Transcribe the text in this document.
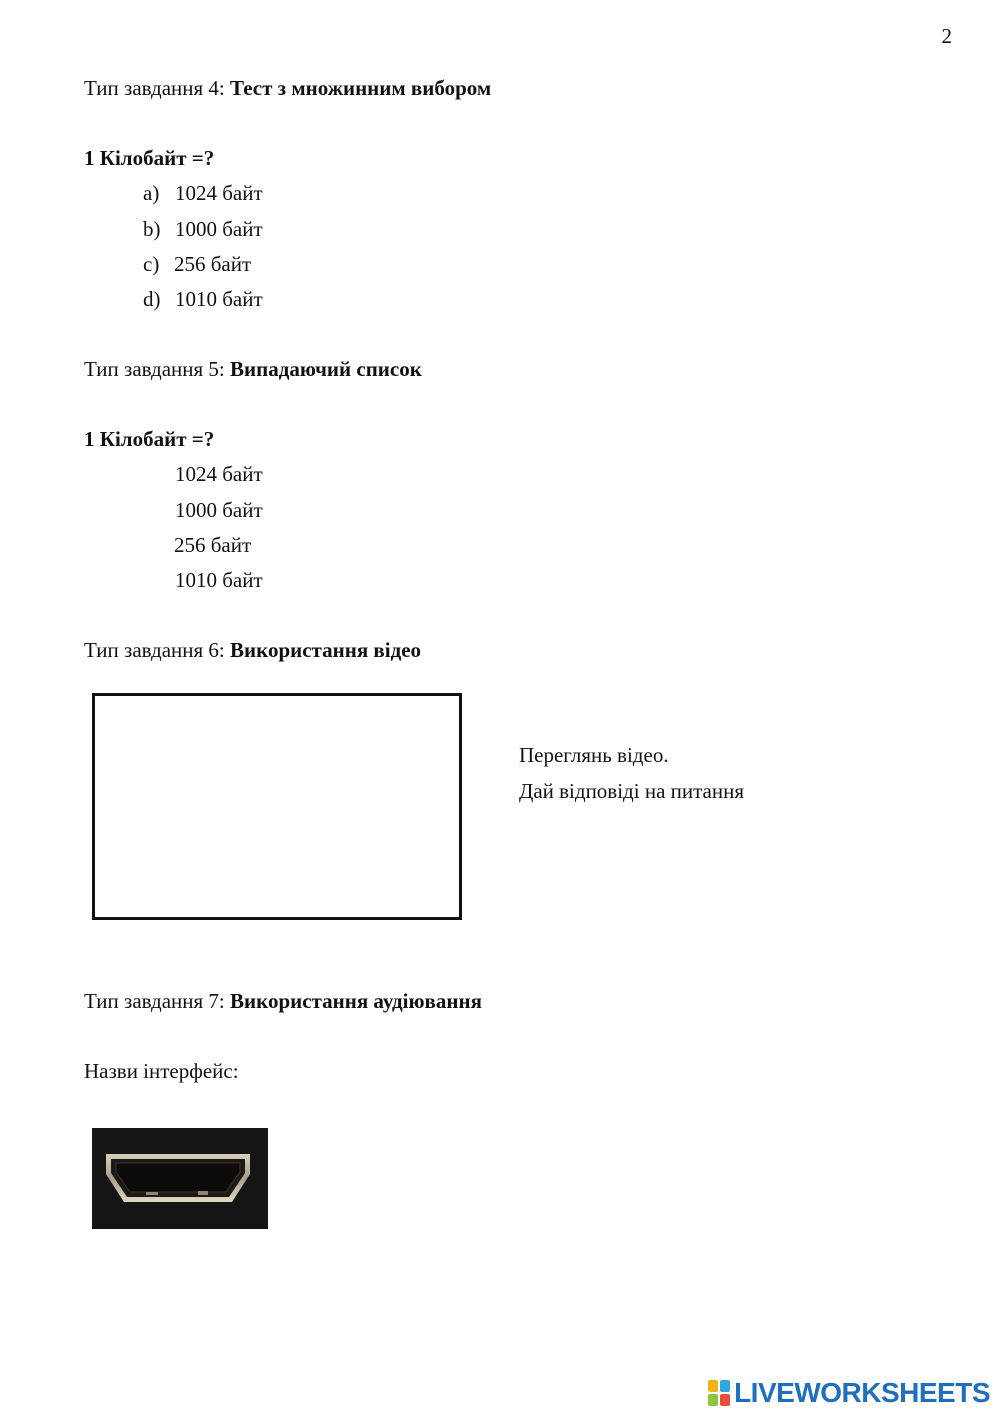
2
Тип завдання 4: Тест з множинним вибором
1 Кілобайт =?
a) 1024 байт
b) 1000 байт
c) 256 байт
d) 1010 байт
Тип завдання 5: Випадаючий список
1 Кілобайт =?
1024 байт
1000 байт
256 байт
1010 байт
Тип завдання 6: Використання відео
Переглянь відео.
Дай відповіді на питання
Тип завдання 7: Використання аудіювання
Назви інтерфейс:
LIVEWORKSHEETS
